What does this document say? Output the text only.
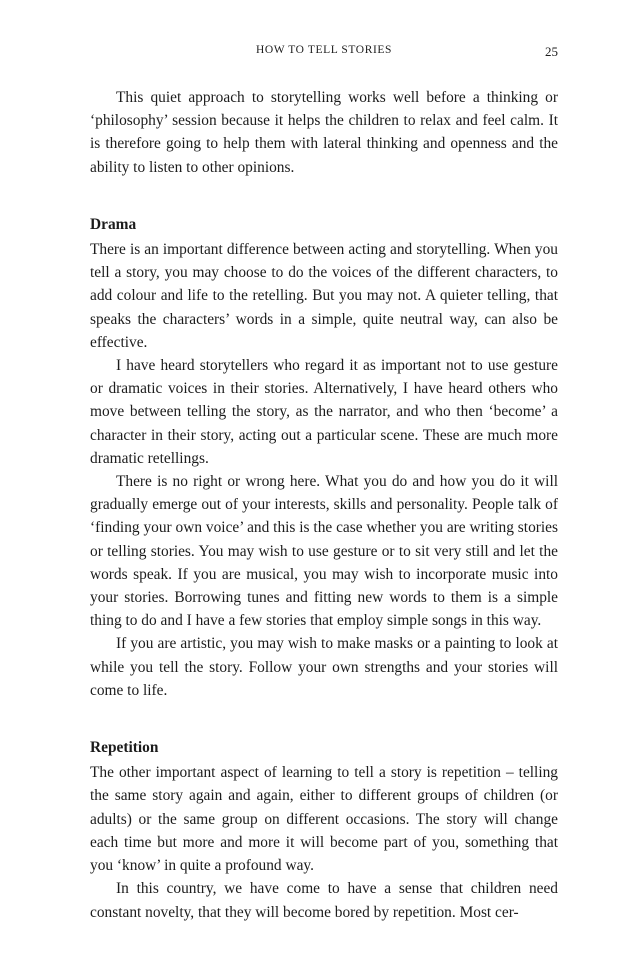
HOW TO TELL STORIES	25

This quiet approach to storytelling works well before a thinking or ‘philosophy’ session because it helps the children to relax and feel calm. It is therefore going to help them with lateral thinking and openness and the ability to listen to other opinions.

Drama

There is an important difference between acting and storytelling. When you tell a story, you may choose to do the voices of the different characters, to add colour and life to the retelling. But you may not. A quieter telling, that speaks the characters’ words in a simple, quite neutral way, can also be effective.

I have heard storytellers who regard it as important not to use gesture or dramatic voices in their stories. Alternatively, I have heard others who move between telling the story, as the narrator, and who then ‘become’ a character in their story, acting out a particular scene. These are much more dramatic retellings.

There is no right or wrong here. What you do and how you do it will gradually emerge out of your interests, skills and personality. People talk of ‘finding your own voice’ and this is the case whether you are writing stories or telling stories. You may wish to use gesture or to sit very still and let the words speak. If you are musical, you may wish to incorporate music into your stories. Borrowing tunes and fitting new words to them is a simple thing to do and I have a few stories that employ simple songs in this way.

If you are artistic, you may wish to make masks or a painting to look at while you tell the story. Follow your own strengths and your stories will come to life.

Repetition

The other important aspect of learning to tell a story is repetition – telling the same story again and again, either to different groups of children (or adults) or the same group on different occasions. The story will change each time but more and more it will become part of you, something that you ‘know’ in quite a profound way.

In this country, we have come to have a sense that children need constant novelty, that they will become bored by repetition. Most cer-
